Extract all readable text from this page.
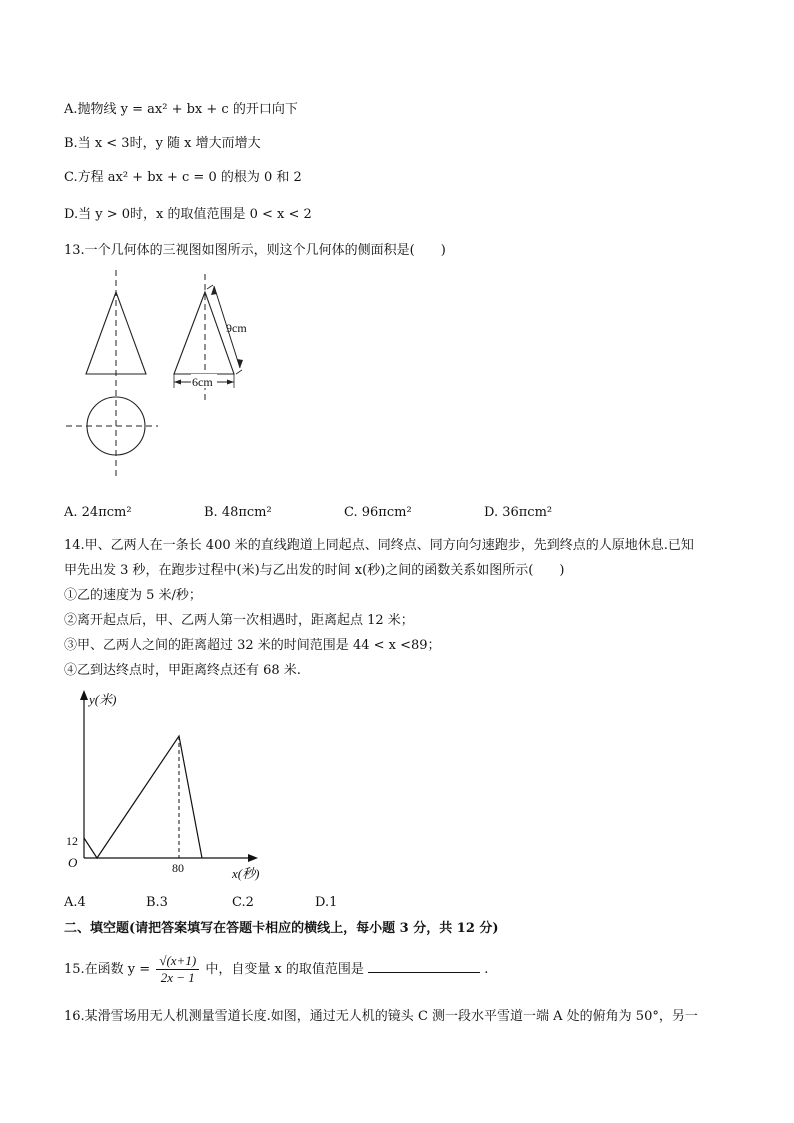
A.抛物线 y = ax² + bx + c 的开口向下
B.当 x < 3时，y 随 x 增大而增大
C.方程 ax² + bx + c = 0 的根为 0 和 2
D.当 y > 0时，x 的取值范围是 0 < x < 2
13.一个几何体的三视图如图所示，则这个几何体的侧面积是(　　)
9cm
6cm
A. 24πcm²	B. 48πcm²	C. 96πcm²	D. 36πcm²
14.甲、乙两人在一条长 400 米的直线跑道上同起点、同终点、同方向匀速跑步，先到终点的人原地休息.已知
甲先出发 3 秒，在跑步过程中(米)与乙出发的时间 x(秒)之间的函数关系如图所示(　　)
①乙的速度为 5 米/秒；
②离开起点后，甲、乙两人第一次相遇时，距离起点 12 米；
③甲、乙两人之间的距离超过 32 米的时间范围是 44 < x <89；
④乙到达终点时，甲距离终点还有 68 米.
y(米)
x(秒)
O
12
80
A.4	B.3	C.2	D.1
二、填空题(请把答案填写在答题卡相应的横线上，每小题 3 分，共 12 分)
15.在函数 $y = \frac{√(x+1)}{2x - 1}$ 中，自变量 x 的取值范围是	.
16.某滑雪场用无人机测量雪道长度.如图，通过无人机的镜头 C 测一段水平雪道一端 A 处的俯角为 50°，另一
